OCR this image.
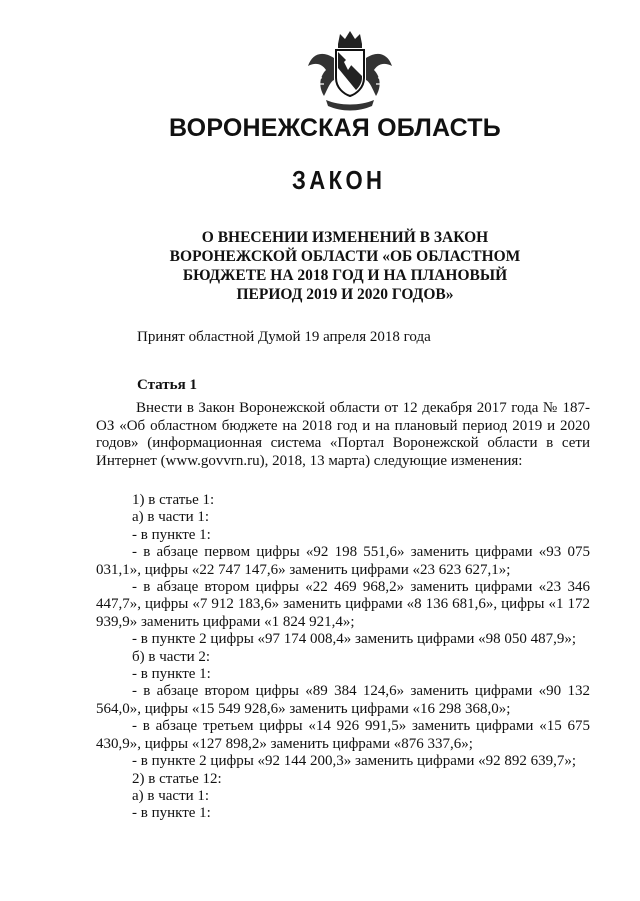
ВОРОНЕЖСКАЯ ОБЛАСТЬ
ЗАКОН
О ВНЕСЕНИИ ИЗМЕНЕНИЙ В ЗАКОН
ВОРОНЕЖСКОЙ ОБЛАСТИ «ОБ ОБЛАСТНОМ
БЮДЖЕТЕ НА 2018 ГОД И НА ПЛАНОВЫЙ
ПЕРИОД 2019 И 2020 ГОДОВ»
Принят областной Думой 19 апреля 2018 года
Статья 1

Внести в Закон Воронежской области от 12 декабря 2017 года № 187-ОЗ «Об областном бюджете на 2018 год и на плановый период 2019 и 2020 годов» (информационная система «Портал Воронежской области в сети Интернет (www.govvrn.ru), 2018, 13 марта) следующие изменения:

1) в статье 1:

а) в части 1:

- в пункте 1:

- в абзаце первом цифры «92 198 551,6» заменить цифрами «93 075 031,1», цифры «22 747 147,6» заменить цифрами «23 623 627,1»;

- в абзаце втором цифры «22 469 968,2» заменить цифрами «23 346 447,7», цифры «7 912 183,6» заменить цифрами «8 136 681,6», цифры «1 172 939,9» заменить цифрами «1 824 921,4»;

- в пункте 2 цифры «97 174 008,4» заменить цифрами «98 050 487,9»;

б) в части 2:

- в пункте 1:

- в абзаце втором цифры «89 384 124,6» заменить цифрами «90 132 564,0», цифры «15 549 928,6» заменить цифрами «16 298 368,0»;

- в абзаце третьем цифры «14 926 991,5» заменить цифрами «15 675 430,9», цифры «127 898,2» заменить цифрами «876 337,6»;

- в пункте 2 цифры «92 144 200,3» заменить цифрами «92 892 639,7»;

2) в статье 12:

а) в части 1:

- в пункте 1:
